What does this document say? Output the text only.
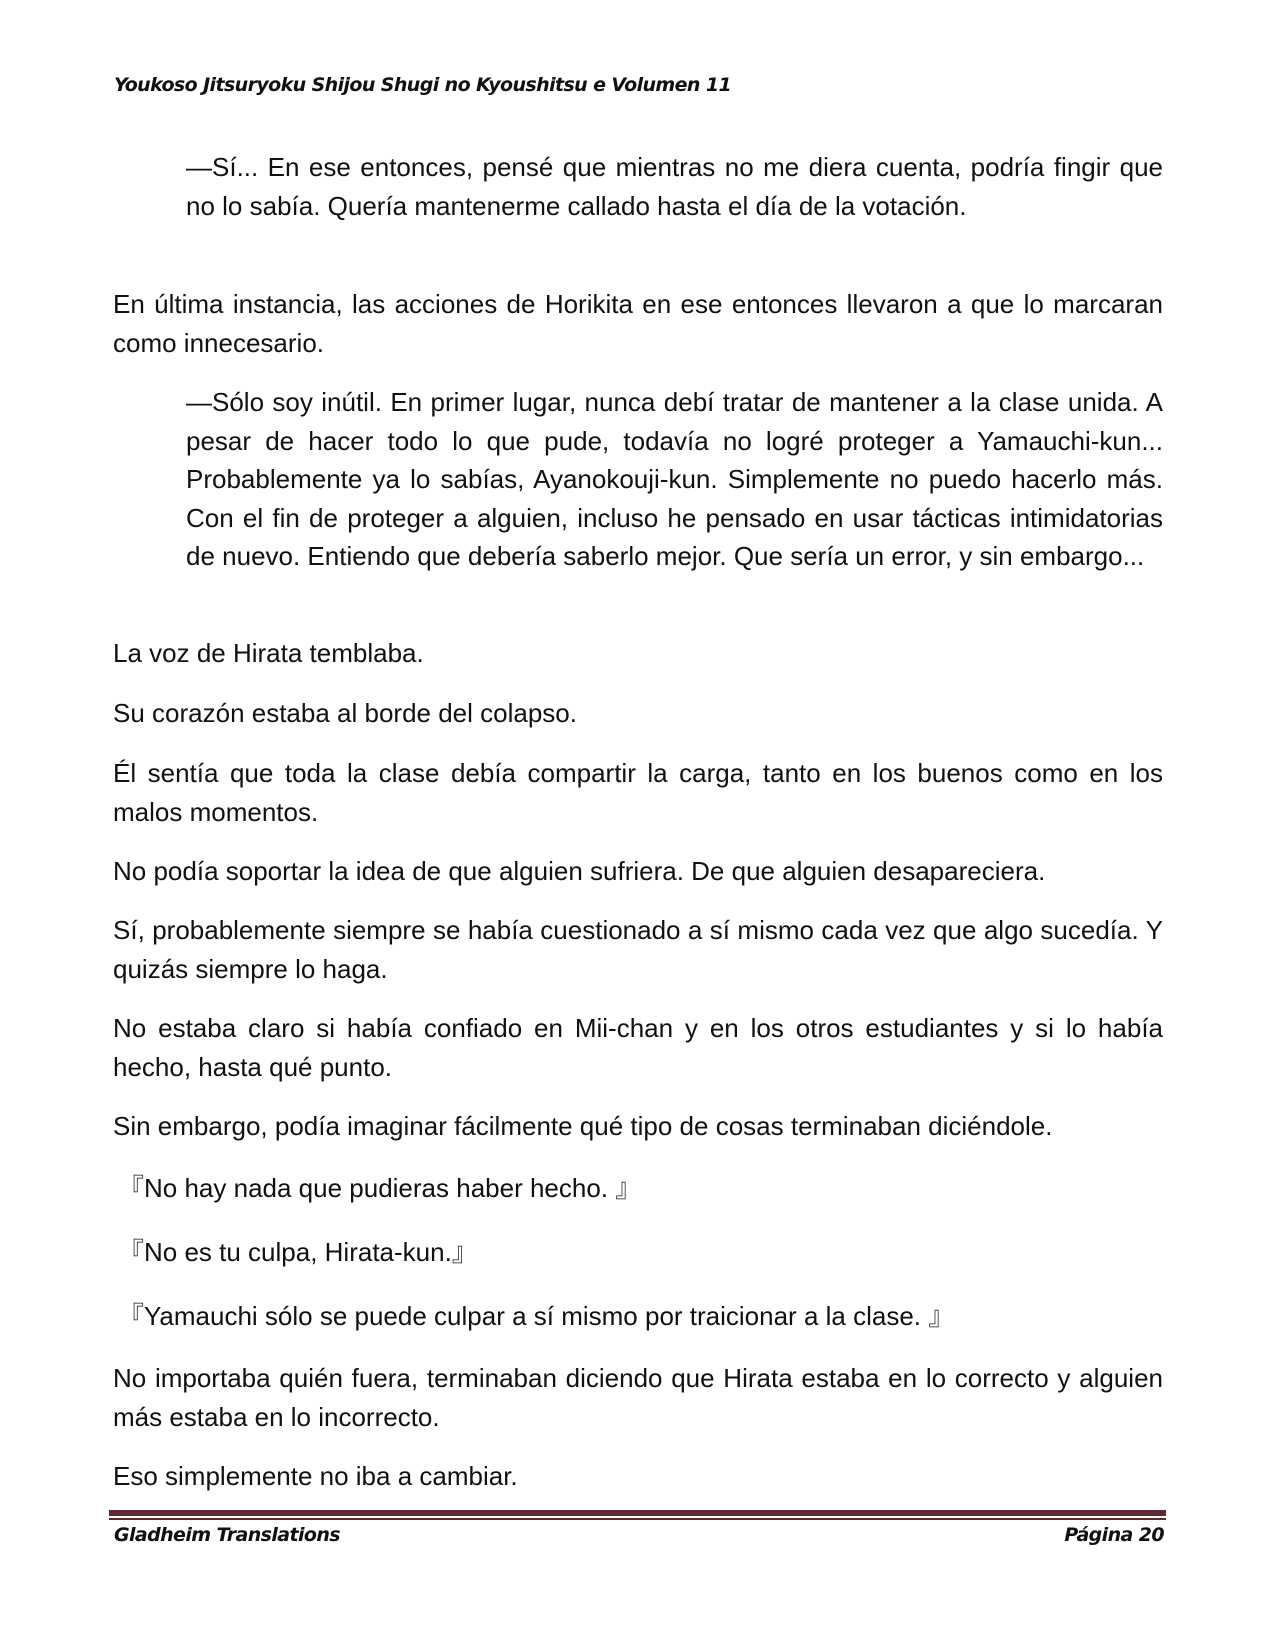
Youkoso Jitsuryoku Shijou Shugi no Kyoushitsu e Volumen 11

—Sí... En ese entonces, pensé que mientras no me diera cuenta, podría fingir que no lo sabía. Quería mantenerme callado hasta el día de la votación.

En última instancia, las acciones de Horikita en ese entonces llevaron a que lo marcaran como innecesario.

—Sólo soy inútil. En primer lugar, nunca debí tratar de mantener a la clase unida. A pesar de hacer todo lo que pude, todavía no logré proteger a Yamauchi-kun... Probablemente ya lo sabías, Ayanokouji-kun. Simplemente no puedo hacerlo más. Con el fin de proteger a alguien, incluso he pensado en usar tácticas intimidatorias de nuevo. Entiendo que debería saberlo mejor. Que sería un error, y sin embargo...

La voz de Hirata temblaba.

Su corazón estaba al borde del colapso.

Él sentía que toda la clase debía compartir la carga, tanto en los buenos como en los malos momentos.

No podía soportar la idea de que alguien sufriera. De que alguien desapareciera.

Sí, probablemente siempre se había cuestionado a sí mismo cada vez que algo sucedía. Y quizás siempre lo haga.

No estaba claro si había confiado en Mii-chan y en los otros estudiantes y si lo había hecho, hasta qué punto.

Sin embargo, podía imaginar fácilmente qué tipo de cosas terminaban diciéndole.

『No hay nada que pudieras haber hecho. 』

『No es tu culpa, Hirata-kun.』

『Yamauchi sólo se puede culpar a sí mismo por traicionar a la clase. 』

No importaba quién fuera, terminaban diciendo que Hirata estaba en lo correcto y alguien más estaba en lo incorrecto.

Eso simplemente no iba a cambiar.

Gladheim Translations	Página 20
